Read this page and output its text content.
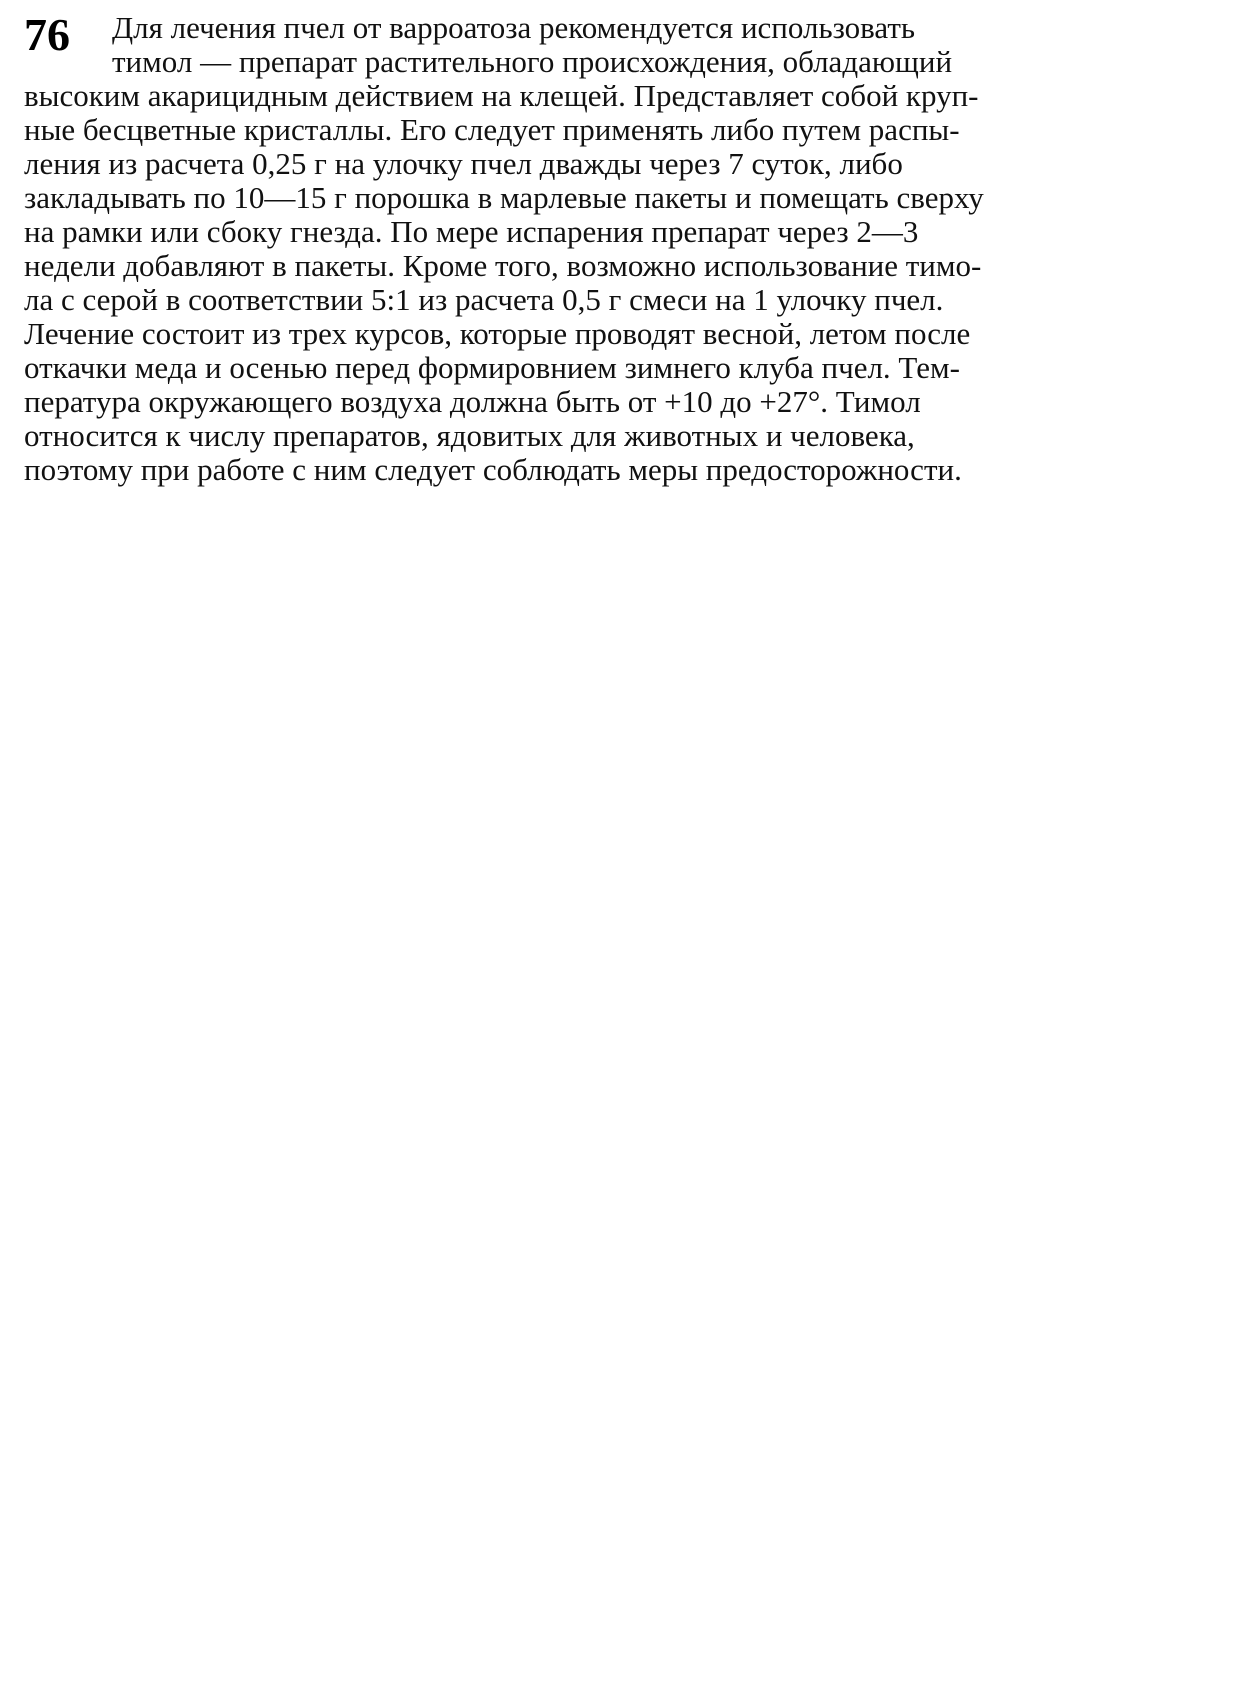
76 Для лечения пчел от варроатоза рекомендуется использовать
тимол — препарат растительного происхождения, обладающий
высоким акарицидным действием на клещей. Представляет собой круп-
ные бесцветные кристаллы. Его следует применять либо путем распы-
ления из расчета 0,25 г на улочку пчел дважды через 7 суток, либо
закладывать по 10—15 г порошка в марлевые пакеты и помещать сверху
на рамки или сбоку гнезда. По мере испарения препарат через 2—3
недели добавляют в пакеты. Кроме того, возможно использование тимо-
ла с серой в соответствии 5:1 из расчета 0,5 г смеси на 1 улочку пчел.
Лечение состоит из трех курсов, которые проводят весной, летом после
откачки меда и осенью перед формировнием зимнего клуба пчел. Тем-
пература окружающего воздуха должна быть от +10 до +27°. Тимол
относится к числу препаратов, ядовитых для животных и человека,
поэтому при работе с ним следует соблюдать меры предосторожности.
